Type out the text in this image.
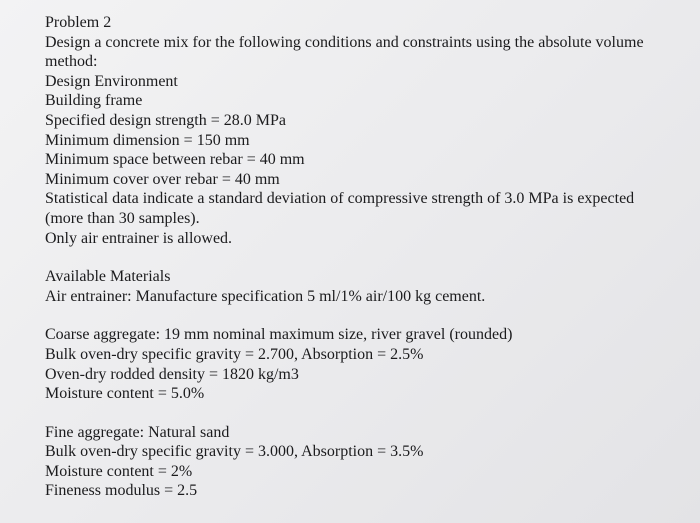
Problem 2
Design a concrete mix for the following conditions and constraints using the absolute volume
method:
Design Environment
Building frame
Specified design strength = 28.0 MPa
Minimum dimension = 150 mm
Minimum space between rebar = 40 mm
Minimum cover over rebar = 40 mm
Statistical data indicate a standard deviation of compressive strength of 3.0 MPa is expected
(more than 30 samples).
Only air entrainer is allowed.
Available Materials
Air entrainer: Manufacture specification 5 ml/1% air/100 kg cement.
Coarse aggregate: 19 mm nominal maximum size, river gravel (rounded)
Bulk oven-dry specific gravity = 2.700, Absorption = 2.5%
Oven-dry rodded density = 1820 kg/m3
Moisture content = 5.0%
Fine aggregate: Natural sand
Bulk oven-dry specific gravity = 3.000, Absorption = 3.5%
Moisture content = 2%
Fineness modulus = 2.5
